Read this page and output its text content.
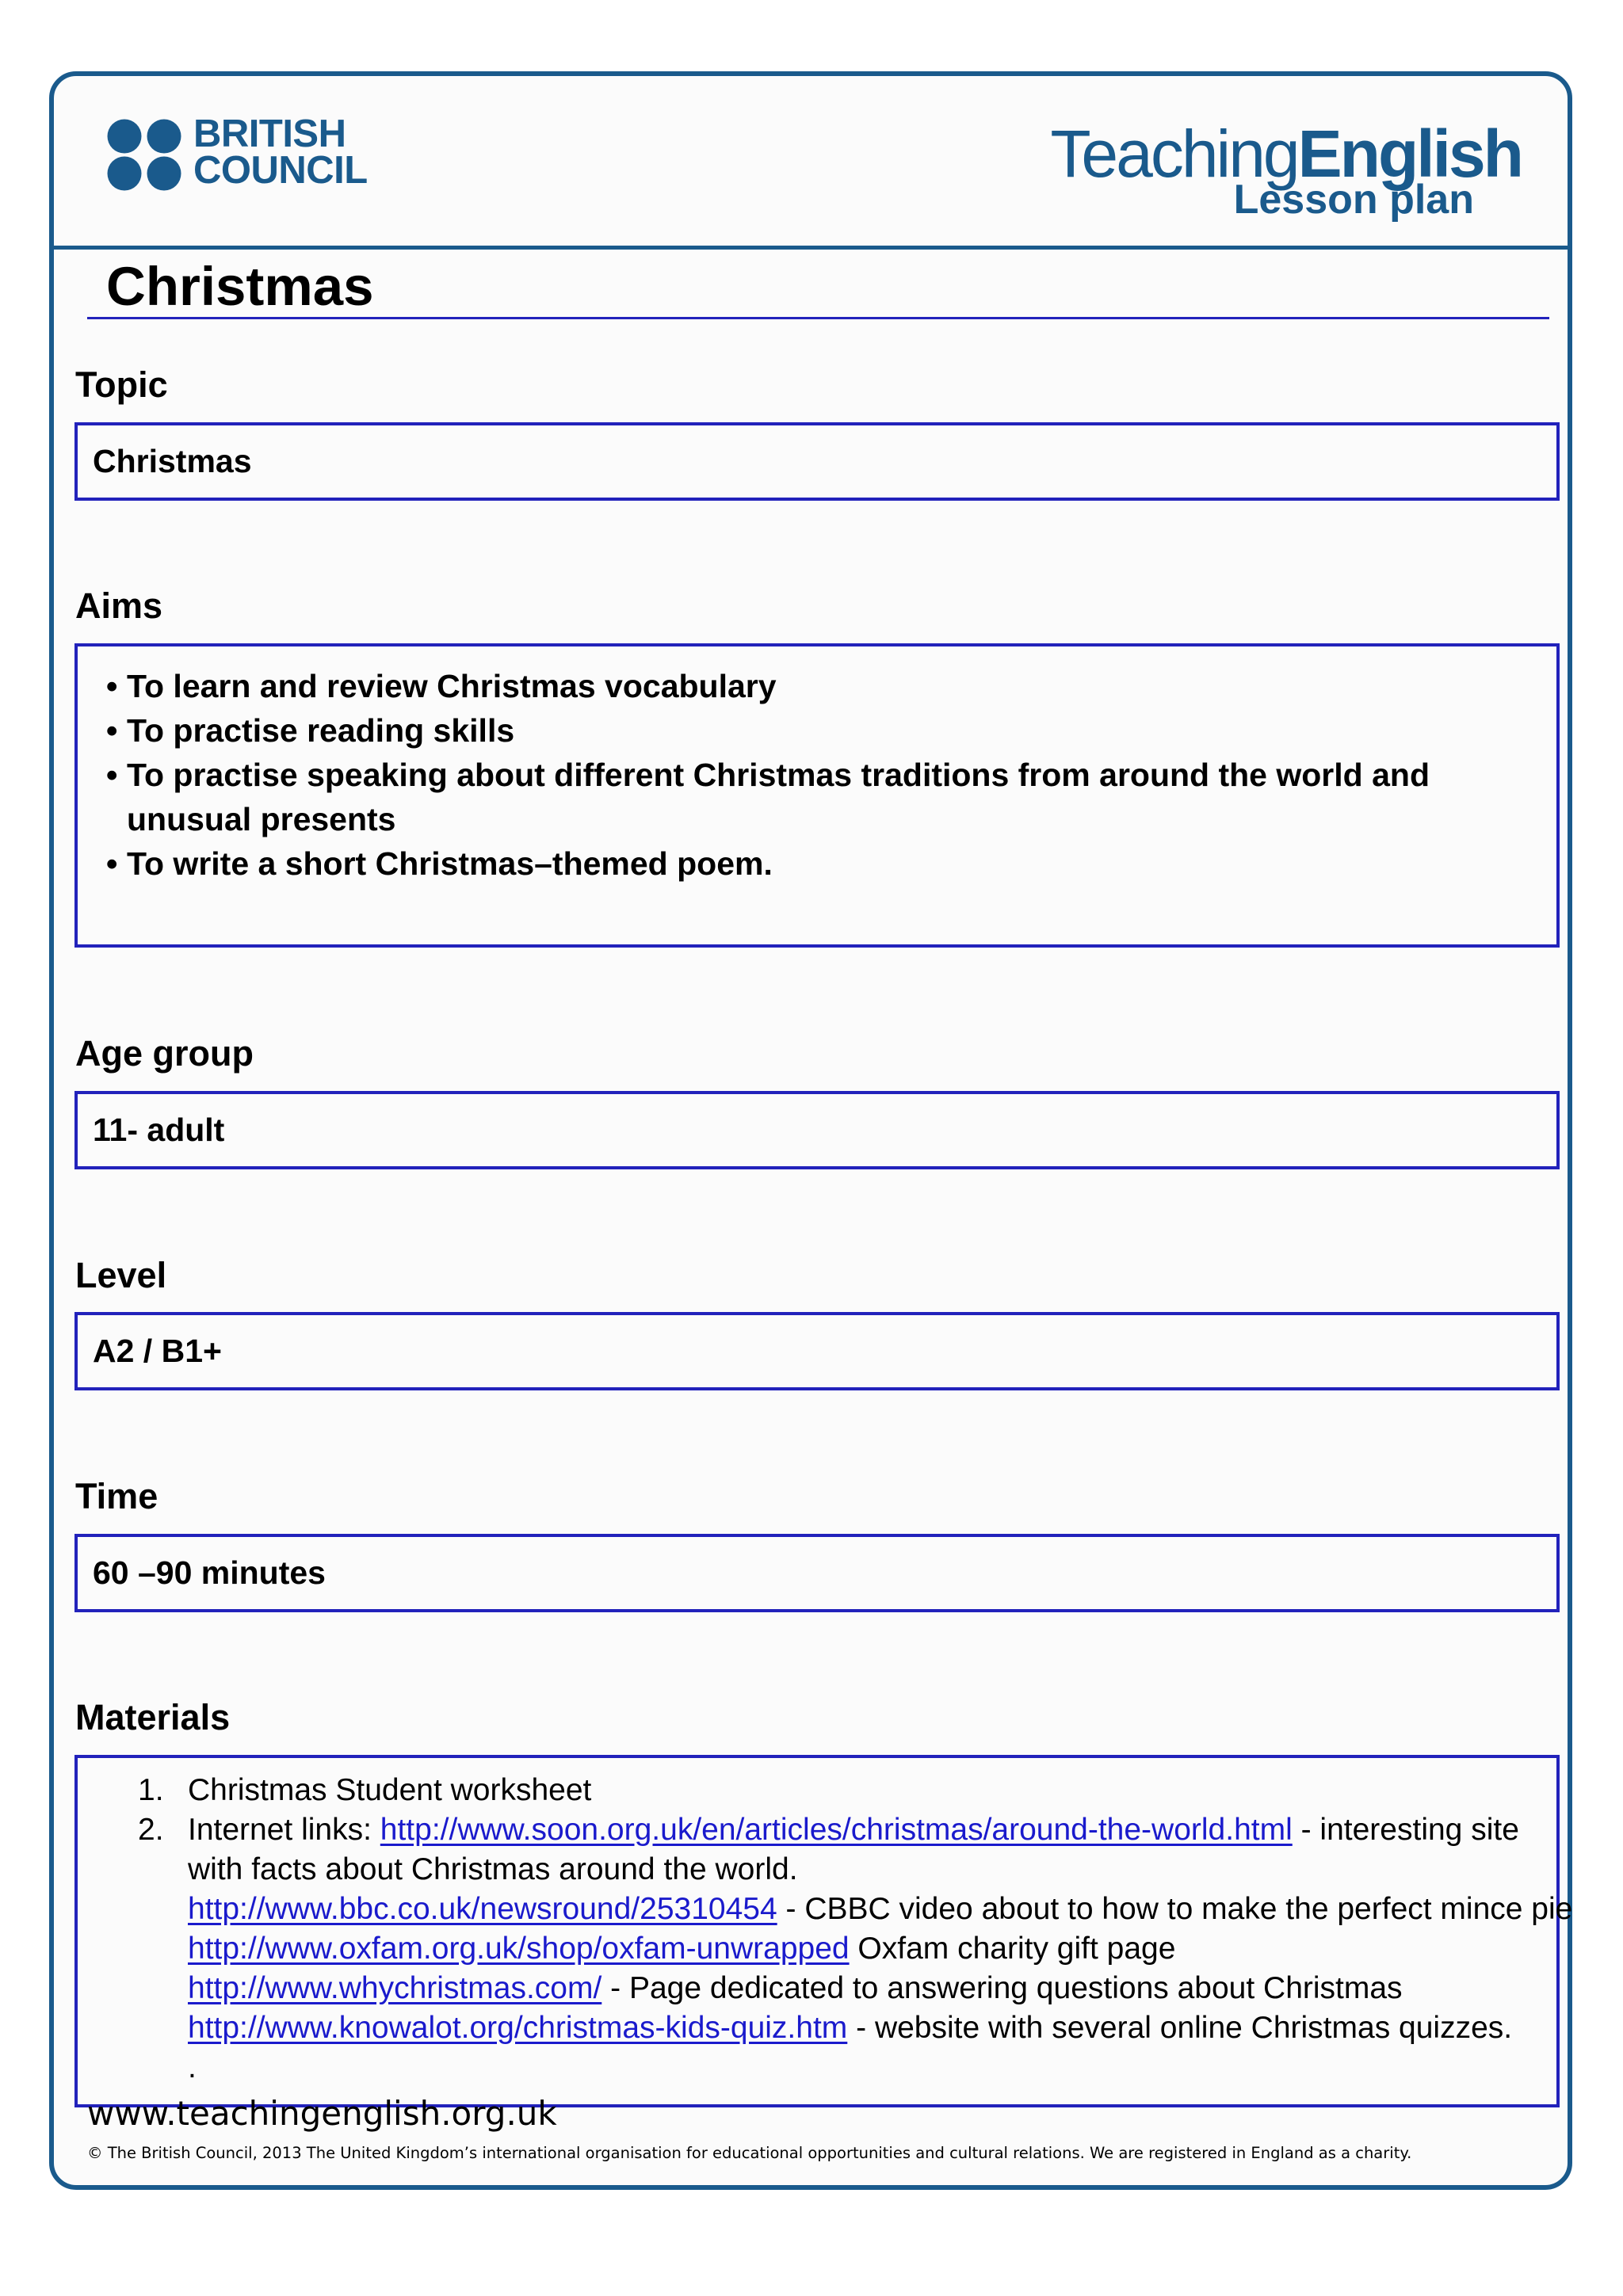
BRITISH
COUNCIL	TeachingEnglish
Lesson plan
Christmas
Topic
Christmas
Aims
• To learn and review Christmas vocabulary
• To practise reading skills
• To practise speaking about different Christmas traditions from around the world and unusual presents
• To write a short Christmas–themed poem.
Age group
11- adult
Level
A2 / B1+
Time
60 –90 minutes
Materials
1. Christmas Student worksheet
2. Internet links: http://www.soon.org.uk/en/articles/christmas/around-the-world.html - interesting site
with facts about Christmas around the world.
http://www.bbc.co.uk/newsround/25310454 - CBBC video about to how to make the perfect mince pie
http://www.oxfam.org.uk/shop/oxfam-unwrapped Oxfam charity gift page
http://www.whychristmas.com/ - Page dedicated to answering questions about Christmas
http://www.knowalot.org/christmas-kids-quiz.htm - website with several online Christmas quizzes.
.
www.teachingenglish.org.uk
© The British Council, 2013 The United Kingdom’s international organisation for educational opportunities and cultural relations. We are registered in England as a charity.
